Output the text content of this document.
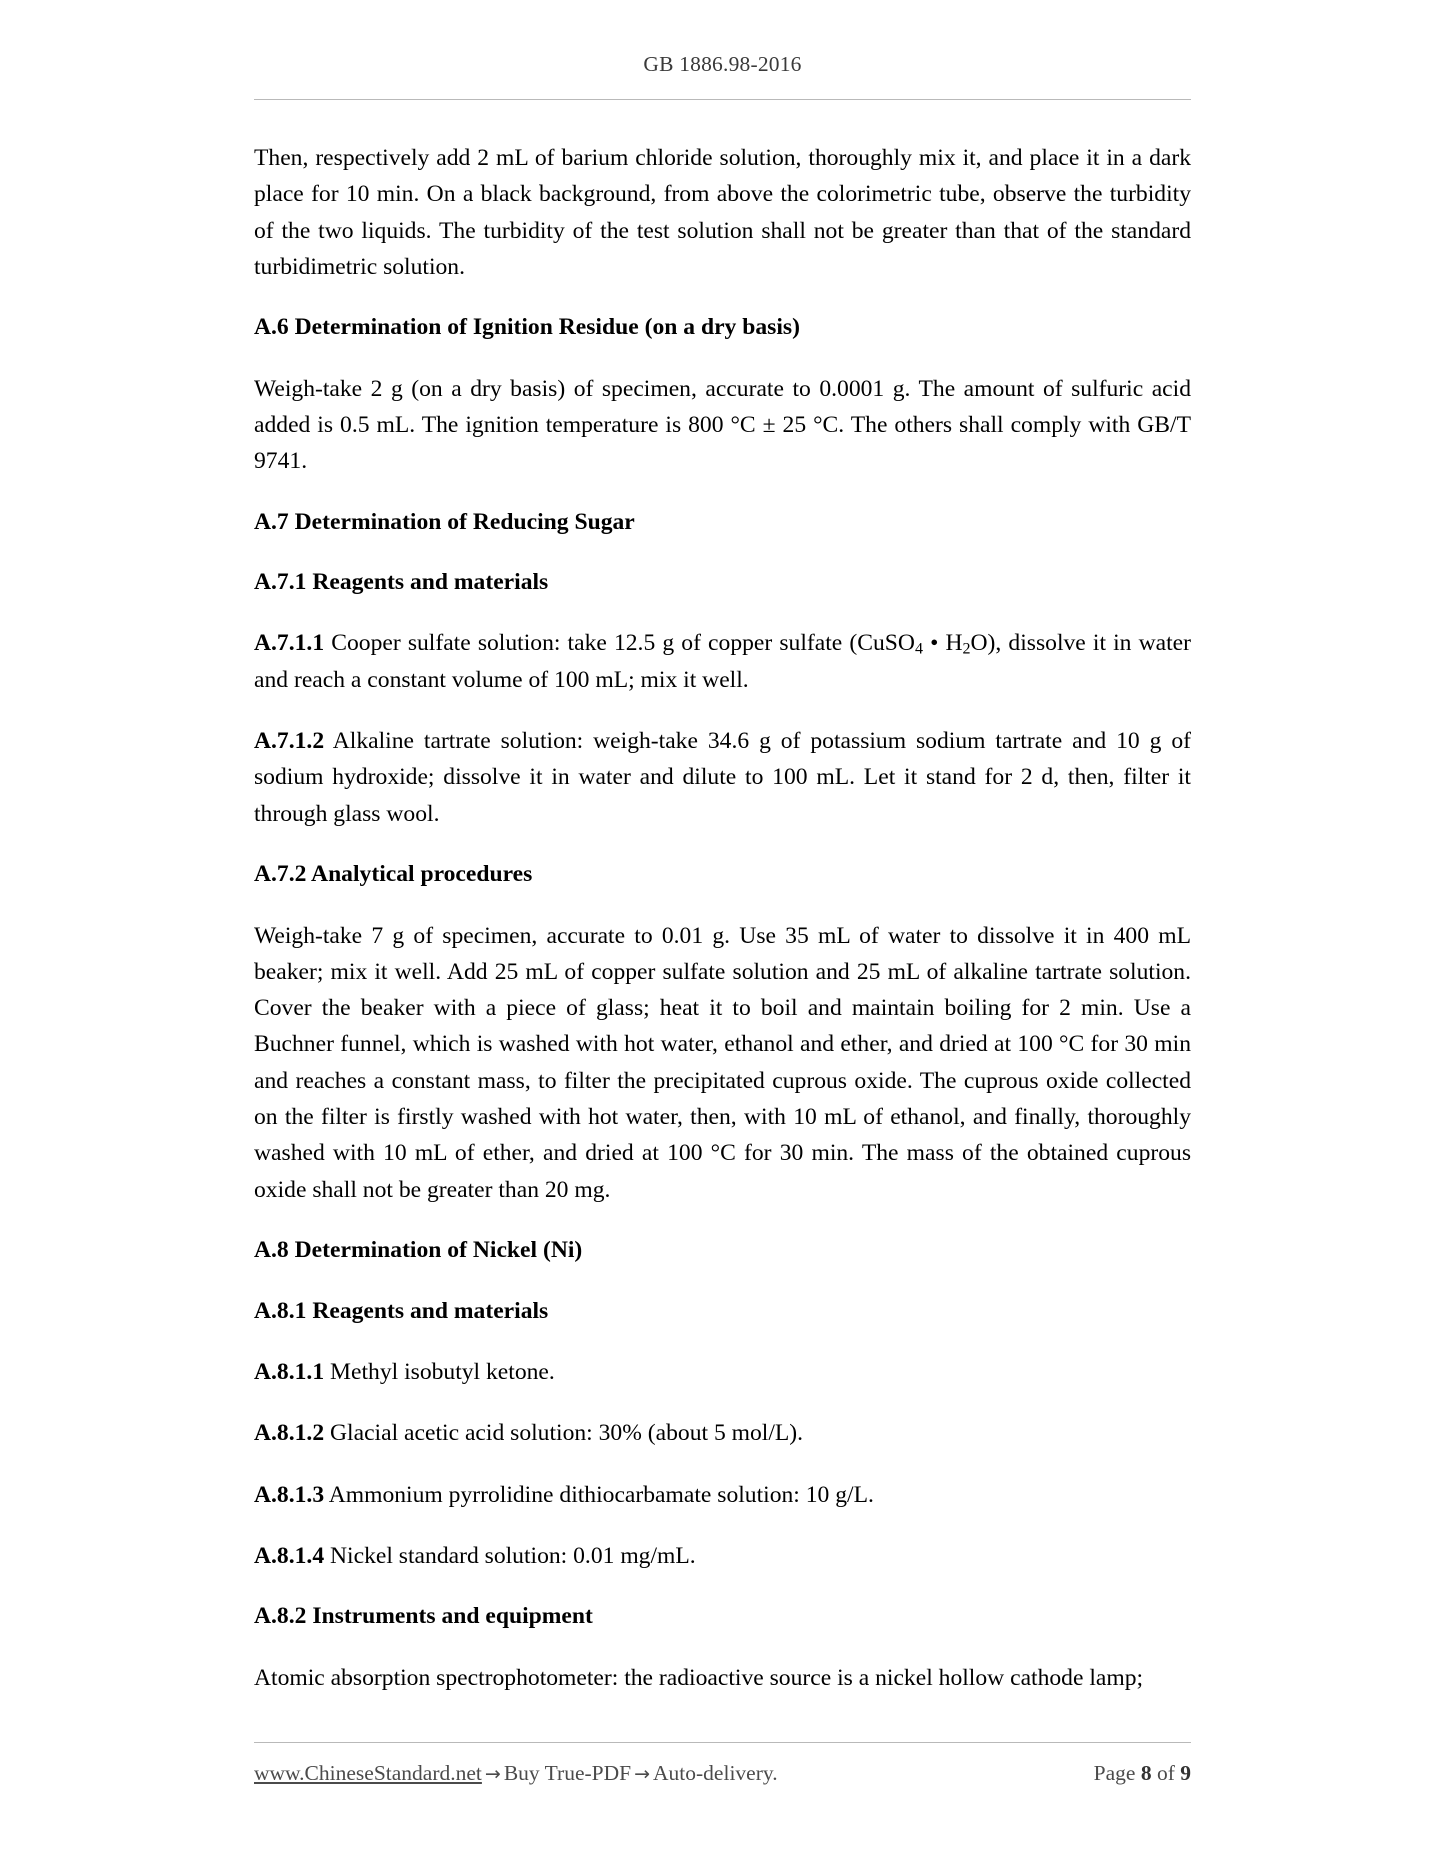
GB 1886.98-2016

Then, respectively add 2 mL of barium chloride solution, thoroughly mix it, and place it in a dark place for 10 min. On a black background, from above the colorimetric tube, observe the turbidity of the two liquids. The turbidity of the test solution shall not be greater than that of the standard turbidimetric solution.

A.6 Determination of Ignition Residue (on a dry basis)

Weigh-take 2 g (on a dry basis) of specimen, accurate to 0.0001 g. The amount of sulfuric acid added is 0.5 mL. The ignition temperature is 800 °C ± 25 °C. The others shall comply with GB/T 9741.

A.7 Determination of Reducing Sugar
A.7.1 Reagents and materials

A.7.1.1 Cooper sulfate solution: take 12.5 g of copper sulfate (CuSO$_4$ • $H_2O$), dissolve it in water and reach a constant volume of 100 mL; mix it well.

A.7.1.2 Alkaline tartrate solution: weigh-take 34.6 g of potassium sodium tartrate and 10 g of sodium hydroxide; dissolve it in water and dilute to 100 mL. Let it stand for 2 d, then, filter it through glass wool.

A.7.2 Analytical procedures

Weigh-take 7 g of specimen, accurate to 0.01 g. Use 35 mL of water to dissolve it in 400 mL beaker; mix it well. Add 25 mL of copper sulfate solution and 25 mL of alkaline tartrate solution. Cover the beaker with a piece of glass; heat it to boil and maintain boiling for 2 min. Use a Buchner funnel, which is washed with hot water, ethanol and ether, and dried at 100 °C for 30 min and reaches a constant mass, to filter the precipitated cuprous oxide. The cuprous oxide collected on the filter is firstly washed with hot water, then, with 10 mL of ethanol, and finally, thoroughly washed with 10 mL of ether, and dried at 100 °C for 30 min. The mass of the obtained cuprous oxide shall not be greater than 20 mg.

A.8 Determination of Nickel (Ni)
A.8.1 Reagents and materials

A.8.1.1 Methyl isobutyl ketone.

A.8.1.2 Glacial acetic acid solution: 30% (about 5 mol/L).

A.8.1.3 Ammonium pyrrolidine dithiocarbamate solution: 10 g/L.

A.8.1.4 Nickel standard solution: 0.01 mg/mL.

A.8.2 Instruments and equipment

Atomic absorption spectrophotometer: the radioactive source is a nickel hollow cathode lamp;

www.ChineseStandard.net → Buy True-PDF → Auto-delivery.	Page 8 of 9
